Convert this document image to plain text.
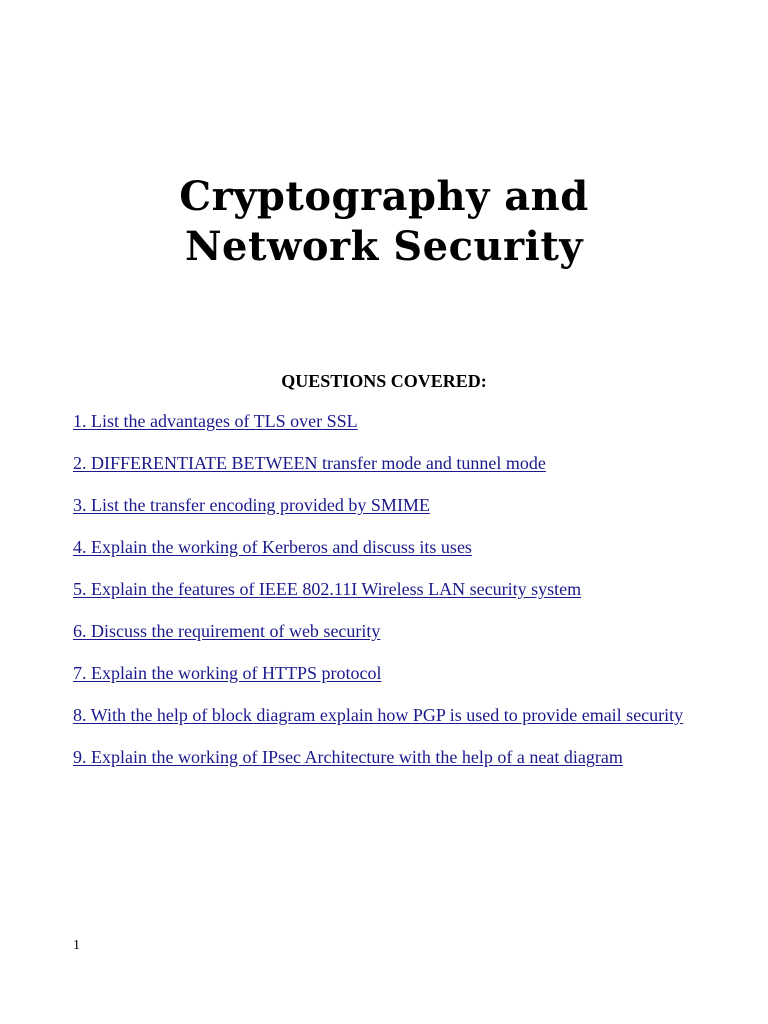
Cryptography and
Network Security

QUESTIONS COVERED:

1. List the advantages of TLS over SSL
2. DIFFERENTIATE BETWEEN transfer mode and tunnel mode
3. List the transfer encoding provided by SMIME
4. Explain the working of Kerberos and discuss its uses
5. Explain the features of IEEE 802.11I Wireless LAN security system
6. Discuss the requirement of web security
7. Explain the working of HTTPS protocol
8. With the help of block diagram explain how PGP is used to provide email security
9. Explain the working of IPsec Architecture with the help of a neat diagram
1
